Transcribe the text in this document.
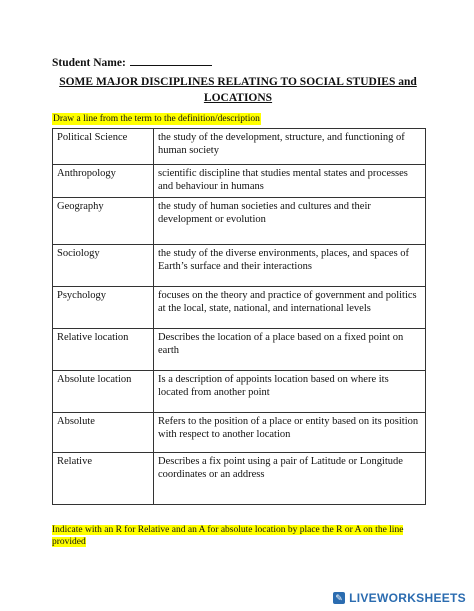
Student Name:
SOME MAJOR DISCIPLINES RELATING TO SOCIAL STUDIES and LOCATIONS
Draw a line from the term to the definition/description
Political Science	the study of the development, structure, and functioning of human society
Anthropology	scientific discipline that studies mental states and processes and behaviour in humans
Geography	the study of human societies and cultures and their development or evolution
Sociology	the study of the diverse environments, places, and spaces of Earth’s surface and their interactions
Psychology	focuses on the theory and practice of government and politics at the local, state, national, and international levels
Relative location	Describes the location of a place based on a fixed point on earth
Absolute location	Is a description of appoints location based on where its located from another point
Absolute	Refers to the position of a place or entity based on its position with respect to another location
Relative	Describes a fix point using a pair of Latitude or Longitude coordinates or an address
Indicate with an R for Relative and an A for absolute location by place the R or A on the line provided
✎ LIVEWORKSHEETS
